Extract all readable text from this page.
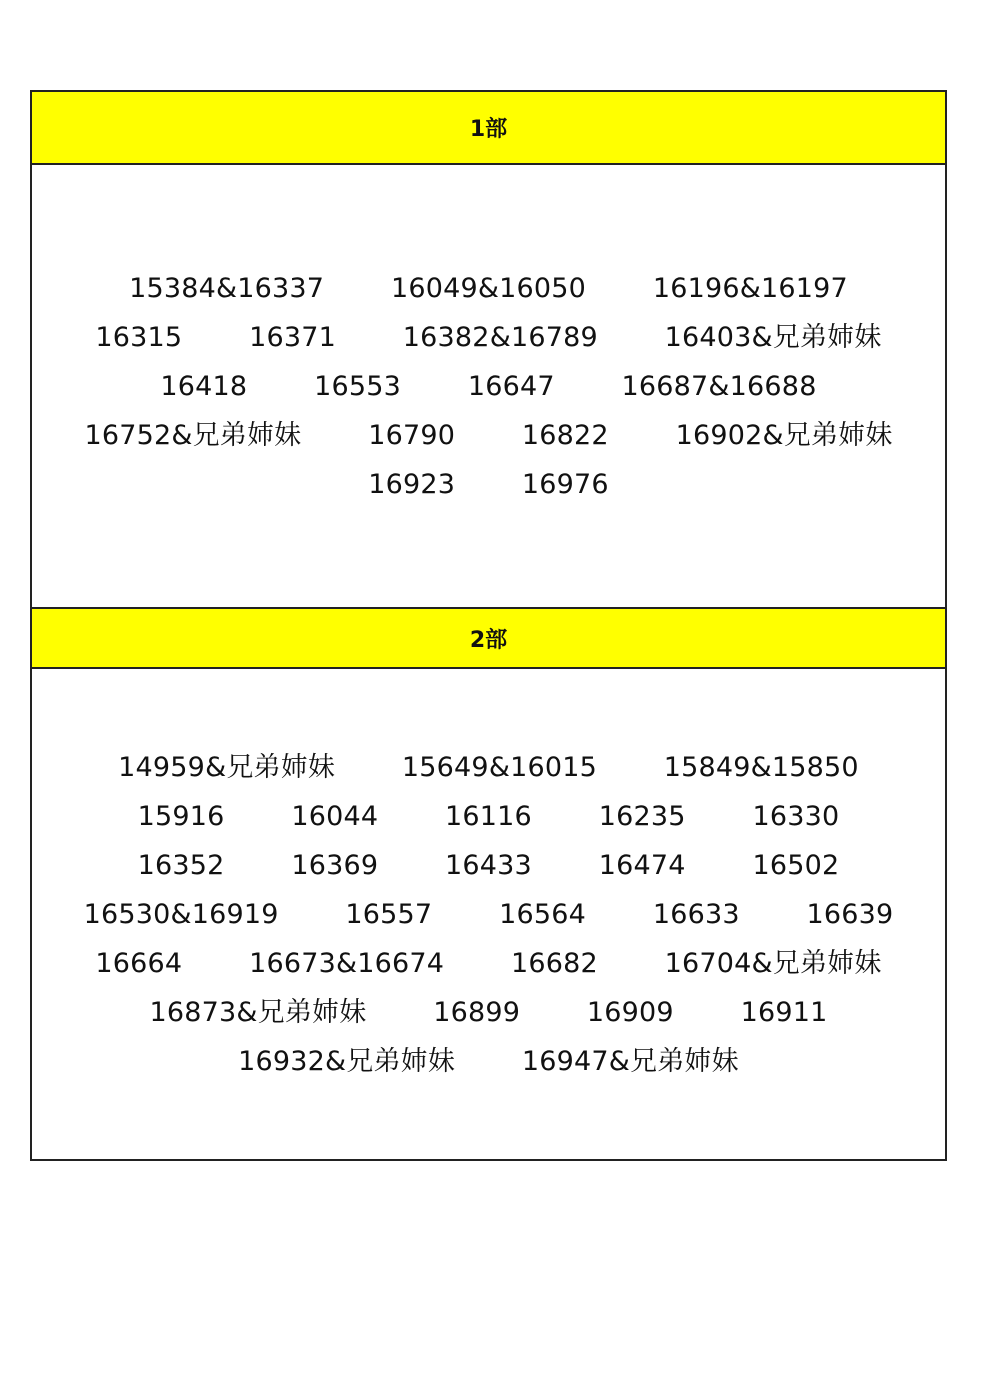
1部
15384&16337 16049&16050 16196&16197 16315 16371 16382&16789 16403&兄弟姉妹 16418 16553 16647 16687&16688 16752&兄弟姉妹 16790 16822 16902&兄弟姉妹 16923 16976
2部
14959&兄弟姉妹 15649&16015 15849&15850 15916 16044 16116 16235 16330 16352 16369 16433 16474 16502 16530&16919 16557 16564 16633 16639 16664 16673&16674 16682 16704&兄弟姉妹 16873&兄弟姉妹 16899 16909 16911 16932&兄弟姉妹 16947&兄弟姉妹
